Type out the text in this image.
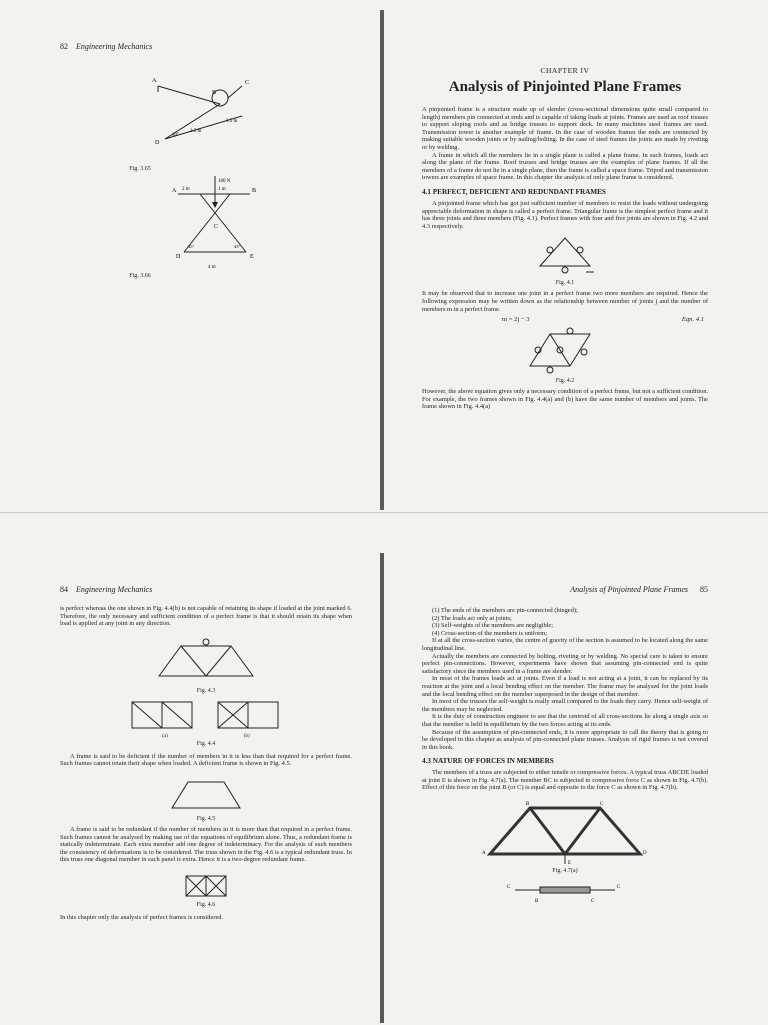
82 Engineering Mechanics
A
B
C
D
30°
3.5 m
1.5 m
Fig. 3.65
A	B
C
D	E
2 m
100 N
1 m
4 m
45°	45°
Fig. 3.66
CHAPTER IV
Analysis of Pinjointed Plane Frames

A pinjointed frame is a structure made up of slender (cross-sectional dimensions quite small compared to length) members pin connected at ends and is capable of taking loads at joints. Frames are used as roof trusses to support sloping roofs and as bridge trusses to support deck. In many machines steel frames are used. Transmission tower is another example of frame. In the case of wooden frames the ends are connected by making suitable wooden joints or by nailing/bolting. In the case of steel frames the joints are made by riveting or by welding.

A frame in which all the members lie in a single plane is called a plane frame. In such frames, loads act along the plane of the frame. Roof trusses and bridge trusses are the examples of plane frames. If all the members of a frame do not lie in a single plane, then the frame is called a space frame. Tripod and transmission towers are examples of space frame. In this chapter the analysis of only plane frame is considered.

4.1 PERFECT, DEFICIENT AND REDUNDANT FRAMES

A pinjointed frame which has got just sufficient number of members to resist the loads without undergoing appreciable deformation in shape is called a perfect frame. Triangular frame is the simplest perfect frame and it has three joints and three members (Fig. 4.1). Perfect frames with four and five joints are shown in Fig. 4.2 and 4.3 respectively.

Fig. 4.1

It may be observed that to increase one joint in a perfect frame two more members are required. Hence the following expression may be written down as the relationship between number of joints j and the number of members m in a perfect frame.

m = 2j − 3	Eqn. 4.1
Fig. 4.2

However, the above equation gives only a necessary condition of a perfect frame, but not a sufficient condition. For example, the two frames shown in Fig. 4.4(a) and (b) have the same number of members and joints. The frame shown in Fig. 4.4(a)

84 Engineering Mechanics

is perfect whereas the one shown in Fig. 4.4(b) is not capable of retaining its shape if loaded at the joint marked 6. Therefore, the only necessary and sufficient condition of a perfect frame is that it should retain its shape when load is applied at any joint in any direction.

Fig. 4.3
(a)	(b)
Fig. 4.4

A frame is said to be deficient if the number of members in it is less than that required for a perfect frame. Such frames cannot retain their shape when loaded. A deficient frame is shown in Fig. 4.5.

Fig. 4.5

A frame is said to be redundant if the number of members in it is more than that required in a perfect frame. Such frames cannot be analysed by making use of the equations of equilibrium alone. Thus, a redundant frame is statically indeterminate. Each extra member add one degree of indeterminacy. For the analysis of such members the consistency of deformations is to be considered. The truss shown in the Fig. 4.6 is a typical redundant truss. In this truss one diagonal member in each panel is extra. Hence it is a two-degree redundant frame.

Fig. 4.6

In this chapter only the analysis of perfect frames is considered.

Analysis of Pinjointed Plane Frames 85

(1) The ends of the members are pin-connected (hinged);

(2) The loads act only at joints;

(3) Self-weights of the members are negligible;

(4) Cross-section of the members is uniform;

If at all the cross-section varies, the centre of gravity of the section is assumed to be located along the same longitudinal line.

Actually the members are connected by bolting, riveting or by welding. No special care is taken to ensure perfect pin-connections. However, experiments have shown that assuming pin-connected end is quite satisfactory since the members used in a frame are slender.

In most of the frames loads act at joints. Even if a load is not acting at a joint, it can be replaced by its reaction at the joint and a local bending effect on the member. The frame may be analysed for the joint loads and the local bending effect on the member superposed in the design of that member.

In most of the trusses the self-weight is really small compared to the loads they carry. Hence self-weight of the members may be neglected.

It is the duty of construction engineer to see that the centroid of all cross-sections lie along a single axis so that the member is held in equilibrium by the two forces acting at its ends.

Because of the assumption of pin-connected ends, it is more appropriate to call the theory that is going to be developed in this chapter as analysis of pin-connected plane trusses. Analysis of rigid frames is not covered in this book.

4.3 NATURE OF FORCES IN MEMBERS

The members of a truss are subjected to either tensile or compressive forces. A typical truss ABCDE loaded at joint E is shown in Fig. 4.7(a). The member BC is subjected to compressive force C as shown in Fig. 4.7(b). Effect of this force on the joint B (or C) is equal and opposite to the force C as shown in Fig. 4.7(b).

A
B	C
D
E
Fig. 4.7(a)
C	C
B	C
